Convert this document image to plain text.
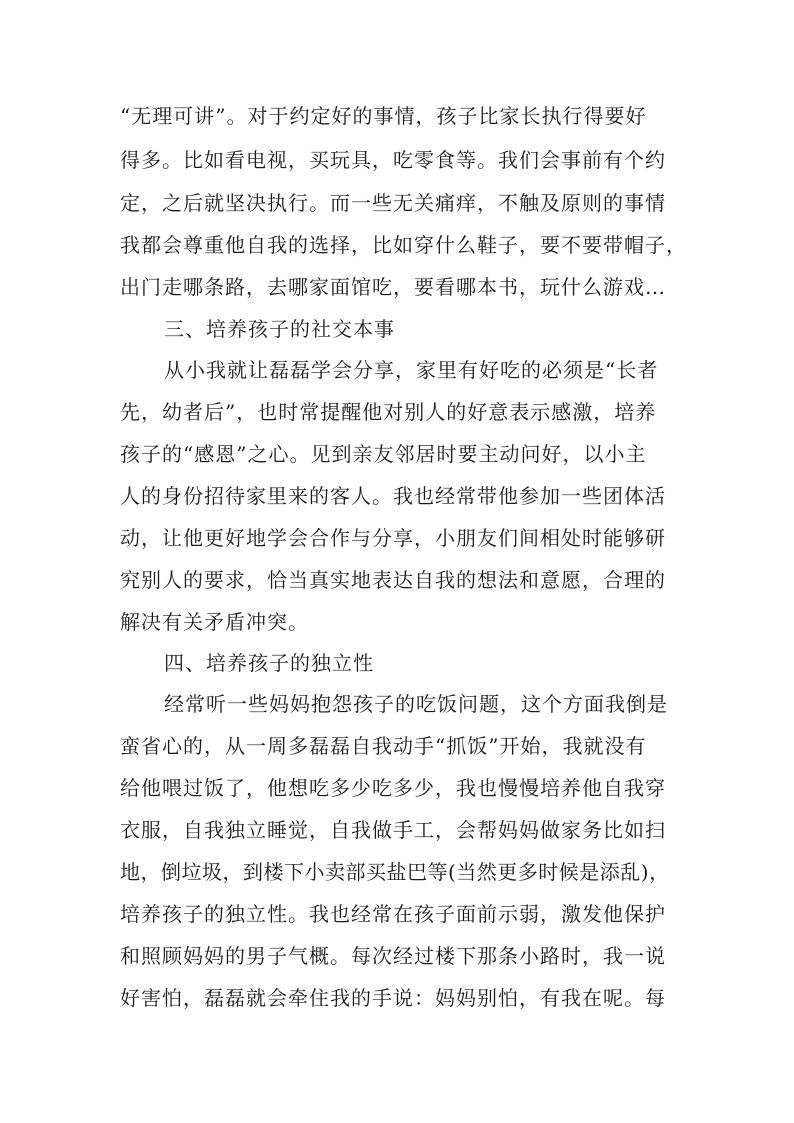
“无理可讲”。对于约定好的事情，孩子比家长执行得要好
得多。比如看电视，买玩具，吃零食等。我们会事前有个约
定，之后就坚决执行。而一些无关痛痒，不触及原则的事情
我都会尊重他自我的选择，比如穿什么鞋子，要不要带帽子，
出门走哪条路，去哪家面馆吃，要看哪本书，玩什么游戏…
三、培养孩子的社交本事
从小我就让磊磊学会分享，家里有好吃的必须是“长者
先，幼者后”，也时常提醒他对别人的好意表示感激，培养
孩子的“感恩”之心。见到亲友邻居时要主动问好，以小主
人的身份招待家里来的客人。我也经常带他参加一些团体活
动，让他更好地学会合作与分享，小朋友们间相处时能够研
究别人的要求，恰当真实地表达自我的想法和意愿，合理的
解决有关矛盾冲突。
四、培养孩子的独立性
经常听一些妈妈抱怨孩子的吃饭问题，这个方面我倒是
蛮省心的，从一周多磊磊自我动手“抓饭”开始，我就没有
给他喂过饭了，他想吃多少吃多少，我也慢慢培养他自我穿
衣服，自我独立睡觉，自我做手工，会帮妈妈做家务比如扫
地，倒垃圾，到楼下小卖部买盐巴等(当然更多时候是添乱)，
培养孩子的独立性。我也经常在孩子面前示弱，激发他保护
和照顾妈妈的男子气概。每次经过楼下那条小路时，我一说
好害怕，磊磊就会牵住我的手说：妈妈别怕，有我在呢。每
